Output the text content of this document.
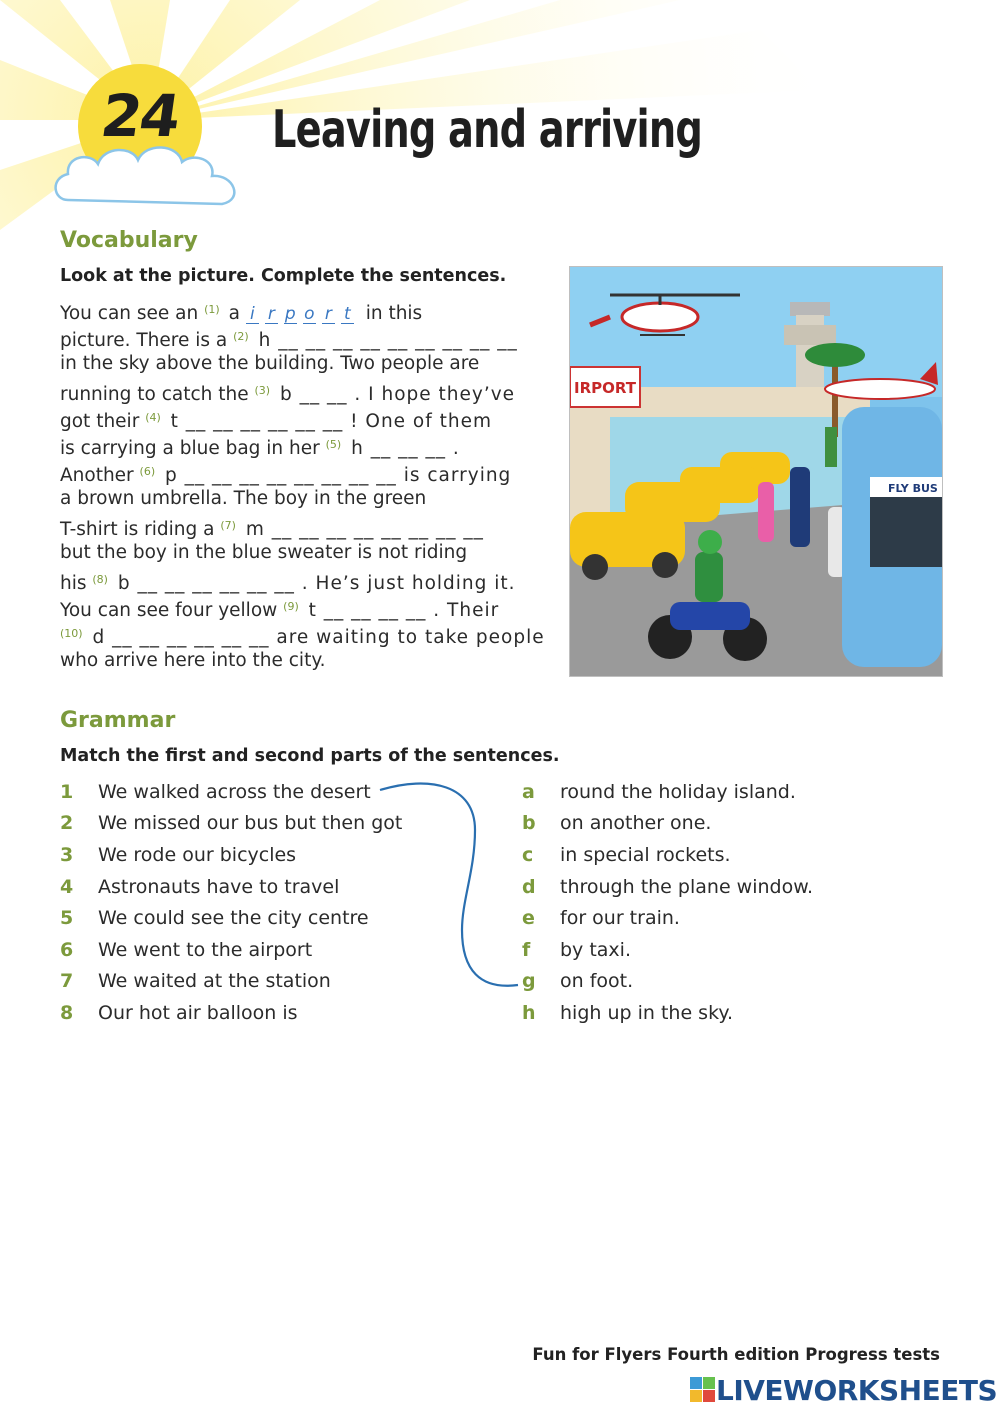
24	Leaving and arriving
Vocabulary
Look at the picture. Complete the sentences.
You can see an $^{(1)}$ a i r p o r t in this
picture. There is a $^{(2)}$ h __ __ __ __ __ __ __ __ __
in the sky above the building. Two people are
running to catch the $^{(3)}$ b __ __ . I hope they’ve
got their $^{(4)}$ t __ __ __ __ __ __ ! One of them
is carrying a blue bag in her $^{(5)}$ h __ __ __ .
Another $^{(6)}$ p __ __ __ __ __ __ __ __ is carrying
a brown umbrella. The boy in the green
T-shirt is riding a $^{(7)}$ m __ __ __ __ __ __ __ __
but the boy in the blue sweater is not riding
his $^{(8)}$ b __ __ __ __ __ __ . He’s just holding it.
You can see four yellow $^{(9)}$ t __ __ __ __ . Their
$^{(10)}$ d __ __ __ __ __ __ are waiting to take people
who arrive here into the city.
IRPORT
FLY BUS
Grammar
Match the first and second parts of the sentences.
1	We walked across the desert
2	We missed our bus but then got
3	We rode our bicycles
4	Astronauts have to travel
5	We could see the city centre
6	We went to the airport
7	We waited at the station
8	Our hot air balloon is
a	round the holiday island.
b	on another one.
c	in special rockets.
d	through the plane window.
e	for our train.
f	by taxi.
g	on foot.
h	high up in the sky.
Fun for Flyers Fourth edition Progress tests
LIVEWORKSHEETS
